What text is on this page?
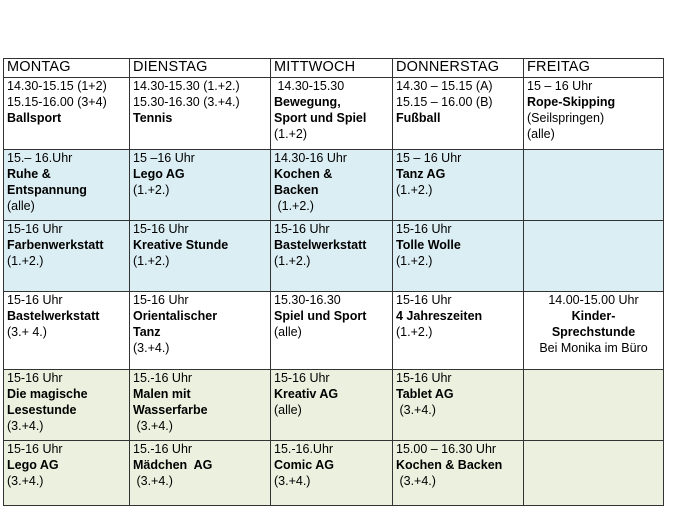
MONTAG	DIENSTAG	MITTWOCH	DONNERSTAG	FREITAG

14.30-15.15 (1+2)
15.15-16.00 (3+4)
Ballsport	14.30-15.30 (1.+2.)
15.30-16.30 (3.+4.)
Tennis	14.30-15.30
Bewegung,
Sport und Spiel
(1.+2)	14.30 – 15.15 (A)
15.15 – 16.00 (B)
Fußball	15 – 16 Uhr
Rope-Skipping
(Seilspringen)
(alle)

15.– 16.Uhr
Ruhe &
Entspannung
(alle)	15 –16 Uhr
Lego AG
(1.+2.)	14.30-16 Uhr
Kochen &
Backen
(1.+2.)	15 – 16 Uhr
Tanz AG
(1.+2.)	

15-16 Uhr
Farbenwerkstatt
(1.+2.)	15-16 Uhr
Kreative Stunde
(1.+2.)	15-16 Uhr
Bastelwerkstatt
(1.+2.)	15-16 Uhr
Tolle Wolle
(1.+2.)	

15-16 Uhr
Bastelwerkstatt
(3.+ 4.)	15-16 Uhr
Orientalischer
Tanz
(3.+4.)	15.30-16.30
Spiel und Sport
(alle)	15-16 Uhr
4 Jahreszeiten
(1.+2.)	14.00-15.00 Uhr
Kinder-
Sprechstunde
Bei Monika im Büro

15-16 Uhr
Die magische
Lesestunde
(3.+4.)	15.-16 Uhr
Malen mit
Wasserfarbe
(3.+4.)	15-16 Uhr
Kreativ AG
(alle)	15-16 Uhr
Tablet AG
(3.+4.)	

15-16 Uhr
Lego AG
(3.+4.)	15.-16 Uhr
Mädchen  AG
(3.+4.)	15.-16.Uhr
Comic AG
(3.+4.)	15.00 – 16.30 Uhr
Kochen & Backen
(3.+4.)	
